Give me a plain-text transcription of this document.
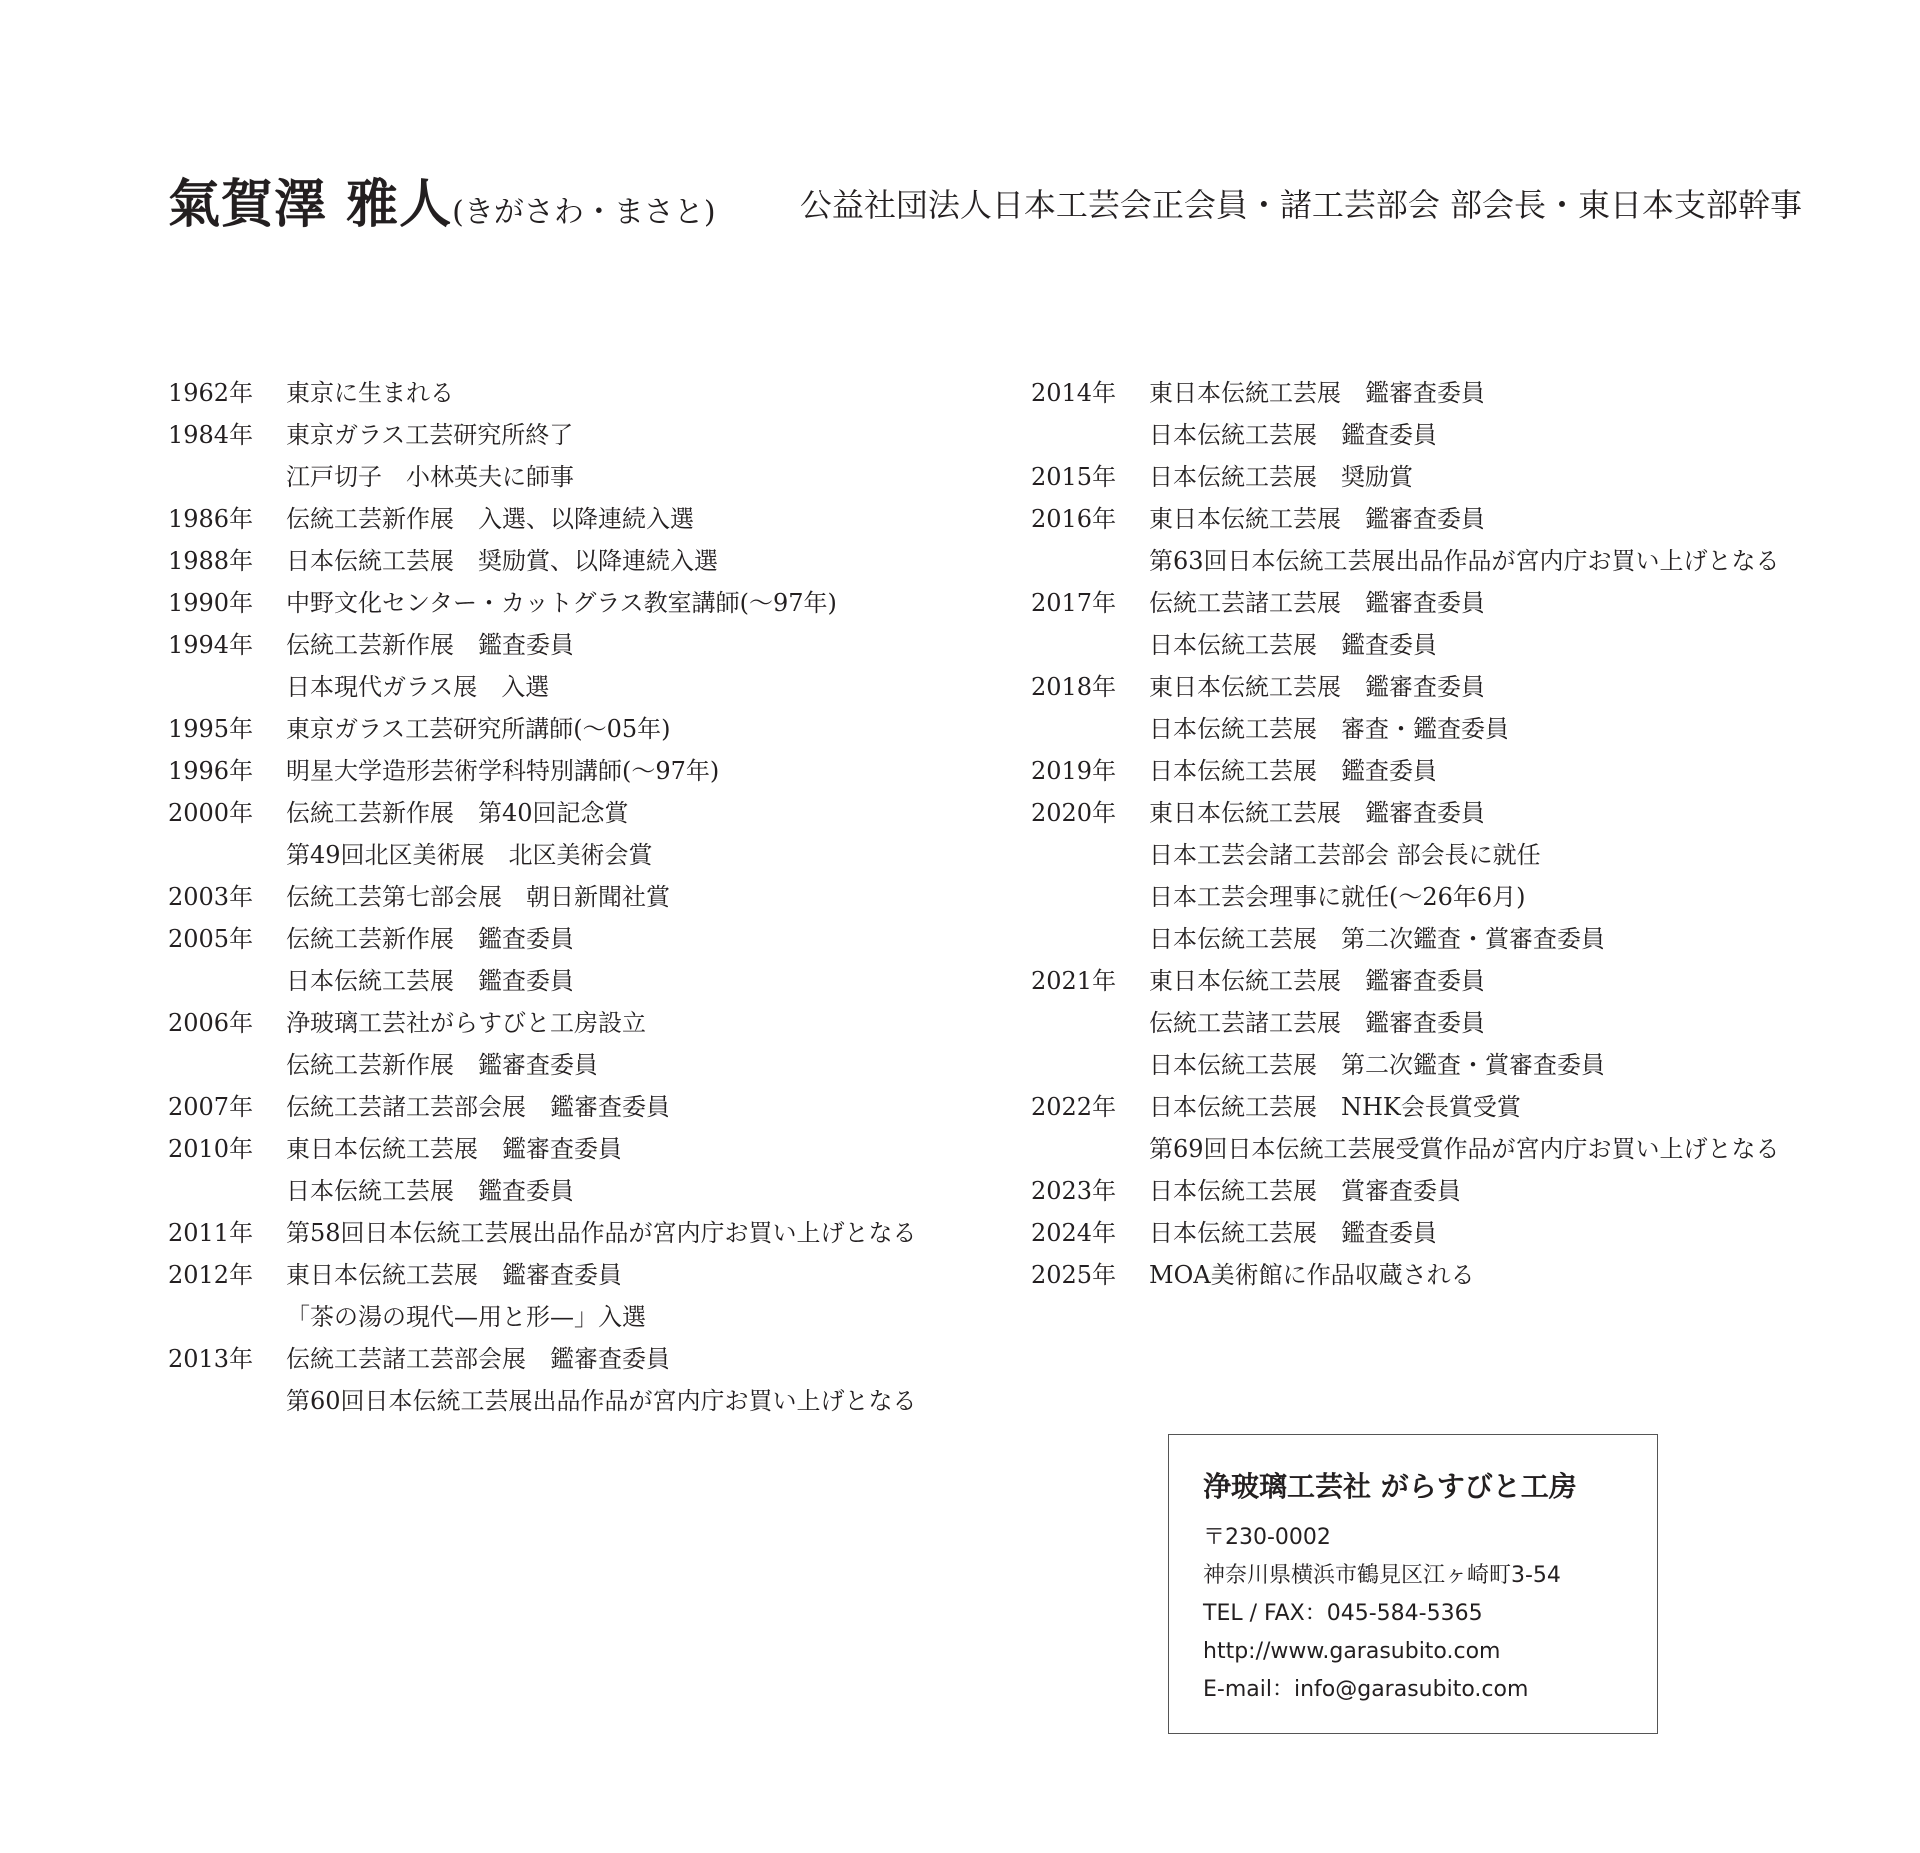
氣賀澤 雅人(きがさわ・まさと)	公益社団法人日本工芸会正会員・諸工芸部会 部会長・東日本支部幹事
1962年	東京に生まれる
1984年	東京ガラス工芸研究所終了
江戸切子　小林英夫に師事
1986年	伝統工芸新作展　入選、以降連続入選
1988年	日本伝統工芸展　奨励賞、以降連続入選
1990年	中野文化センター・カットグラス教室講師(〜97年)
1994年	伝統工芸新作展　鑑査委員
日本現代ガラス展　入選
1995年	東京ガラス工芸研究所講師(〜05年)
1996年	明星大学造形芸術学科特別講師(〜97年)
2000年	伝統工芸新作展　第40回記念賞
第49回北区美術展　北区美術会賞
2003年	伝統工芸第七部会展　朝日新聞社賞
2005年	伝統工芸新作展　鑑査委員
日本伝統工芸展　鑑査委員
2006年	浄玻璃工芸社がらすびと工房設立
伝統工芸新作展　鑑審査委員
2007年	伝統工芸諸工芸部会展　鑑審査委員
2010年	東日本伝統工芸展　鑑審査委員
日本伝統工芸展　鑑査委員
2011年	第58回日本伝統工芸展出品作品が宮内庁お買い上げとなる
2012年	東日本伝統工芸展　鑑審査委員
「茶の湯の現代—用と形—」入選
2013年	伝統工芸諸工芸部会展　鑑審査委員
第60回日本伝統工芸展出品作品が宮内庁お買い上げとなる
2014年	東日本伝統工芸展　鑑審査委員
日本伝統工芸展　鑑査委員
2015年	日本伝統工芸展　奨励賞
2016年	東日本伝統工芸展　鑑審査委員
第63回日本伝統工芸展出品作品が宮内庁お買い上げとなる
2017年	伝統工芸諸工芸展　鑑審査委員
日本伝統工芸展　鑑査委員
2018年	東日本伝統工芸展　鑑審査委員
日本伝統工芸展　審査・鑑査委員
2019年	日本伝統工芸展　鑑査委員
2020年	東日本伝統工芸展　鑑審査委員
日本工芸会諸工芸部会 部会長に就任
日本工芸会理事に就任(〜26年6月)
日本伝統工芸展　第二次鑑査・賞審査委員
2021年	東日本伝統工芸展　鑑審査委員
伝統工芸諸工芸展　鑑審査委員
日本伝統工芸展　第二次鑑査・賞審査委員
2022年	日本伝統工芸展　NHK会長賞受賞
第69回日本伝統工芸展受賞作品が宮内庁お買い上げとなる
2023年	日本伝統工芸展　賞審査委員
2024年	日本伝統工芸展　鑑査委員
2025年	MOA美術館に作品収蔵される
浄玻璃工芸社 がらすびと工房
〒230-0002
神奈川県横浜市鶴見区江ヶ崎町3-54
TEL / FAX：045-584-5365
http://www.garasubito.com
E-mail：info@garasubito.com
